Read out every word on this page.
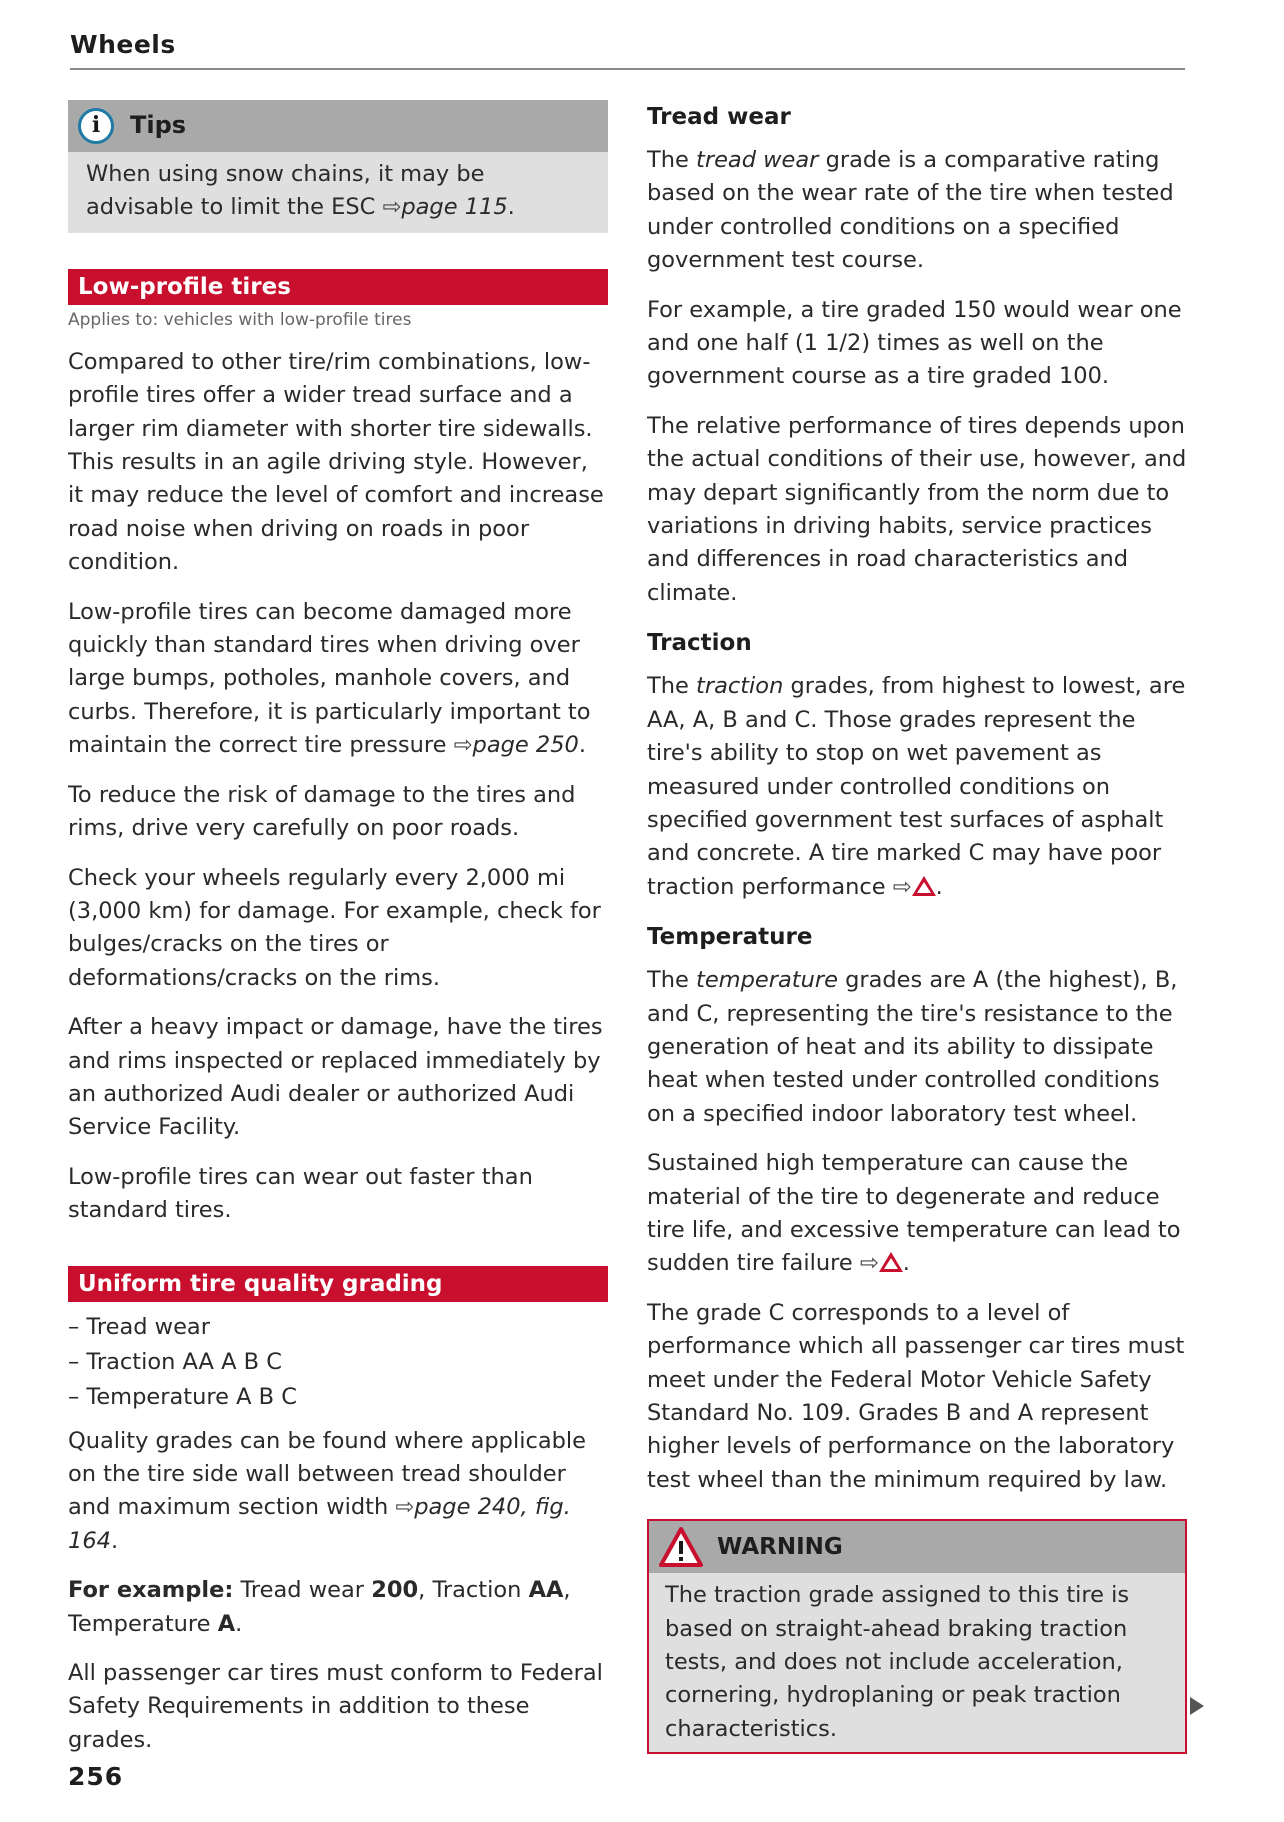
Wheels
i	Tips
When using snow chains, it may be advisable to limit the ESC ⇨page 115.
Low-profile tires
Applies to: vehicles with low-profile tires

Compared to other tire/rim combinations, low-profile tires offer a wider tread surface and a larger rim diameter with shorter tire sidewalls. This results in an agile driving style. However, it may reduce the level of comfort and increase road noise when driving on roads in poor condition.

Low-profile tires can become damaged more quickly than standard tires when driving over large bumps, potholes, manhole covers, and curbs. Therefore, it is particularly important to maintain the correct tire pressure ⇨page 250.

To reduce the risk of damage to the tires and rims, drive very carefully on poor roads.

Check your wheels regularly every 2,000 mi (3,000 km) for damage. For example, check for bulges/cracks on the tires or deformations/cracks on the rims.

After a heavy impact or damage, have the tires and rims inspected or replaced immediately by an authorized Audi dealer or authorized Audi Service Facility.

Low-profile tires can wear out faster than standard tires.

Uniform tire quality grading
– Tread wear
– Traction AA A B C
– Temperature A B C

Quality grades can be found where applicable on the tire side wall between tread shoulder and maximum section width ⇨page 240, fig. 164.

For example: Tread wear 200, Traction AA, Temperature A.

All passenger car tires must conform to Federal Safety Requirements in addition to these grades.

Tread wear

The tread wear grade is a comparative rating based on the wear rate of the tire when tested under controlled conditions on a specified government test course.

For example, a tire graded 150 would wear one and one half (1 1/2) times as well on the government course as a tire graded 100.

The relative performance of tires depends upon the actual conditions of their use, however, and may depart significantly from the norm due to variations in driving habits, service practices and differences in road characteristics and climate.

Traction

The traction grades, from highest to lowest, are AA, A, B and C. Those grades represent the tire's ability to stop on wet pavement as measured under controlled conditions on specified government test surfaces of asphalt and concrete. A tire marked C may have poor traction performance ⇨ .

Temperature

The temperature grades are A (the highest), B, and C, representing the tire's resistance to the generation of heat and its ability to dissipate heat when tested under controlled conditions on a specified indoor laboratory test wheel.

Sustained high temperature can cause the material of the tire to degenerate and reduce tire life, and excessive temperature can lead to sudden tire failure ⇨ .

The grade C corresponds to a level of performance which all passenger car tires must meet under the Federal Motor Vehicle Safety Standard No. 109. Grades B and A represent higher levels of performance on the laboratory test wheel than the minimum required by law.

WARNING
The traction grade assigned to this tire is based on straight-ahead braking traction tests, and does not include acceleration, cornering, hydroplaning or peak traction characteristics.
256
